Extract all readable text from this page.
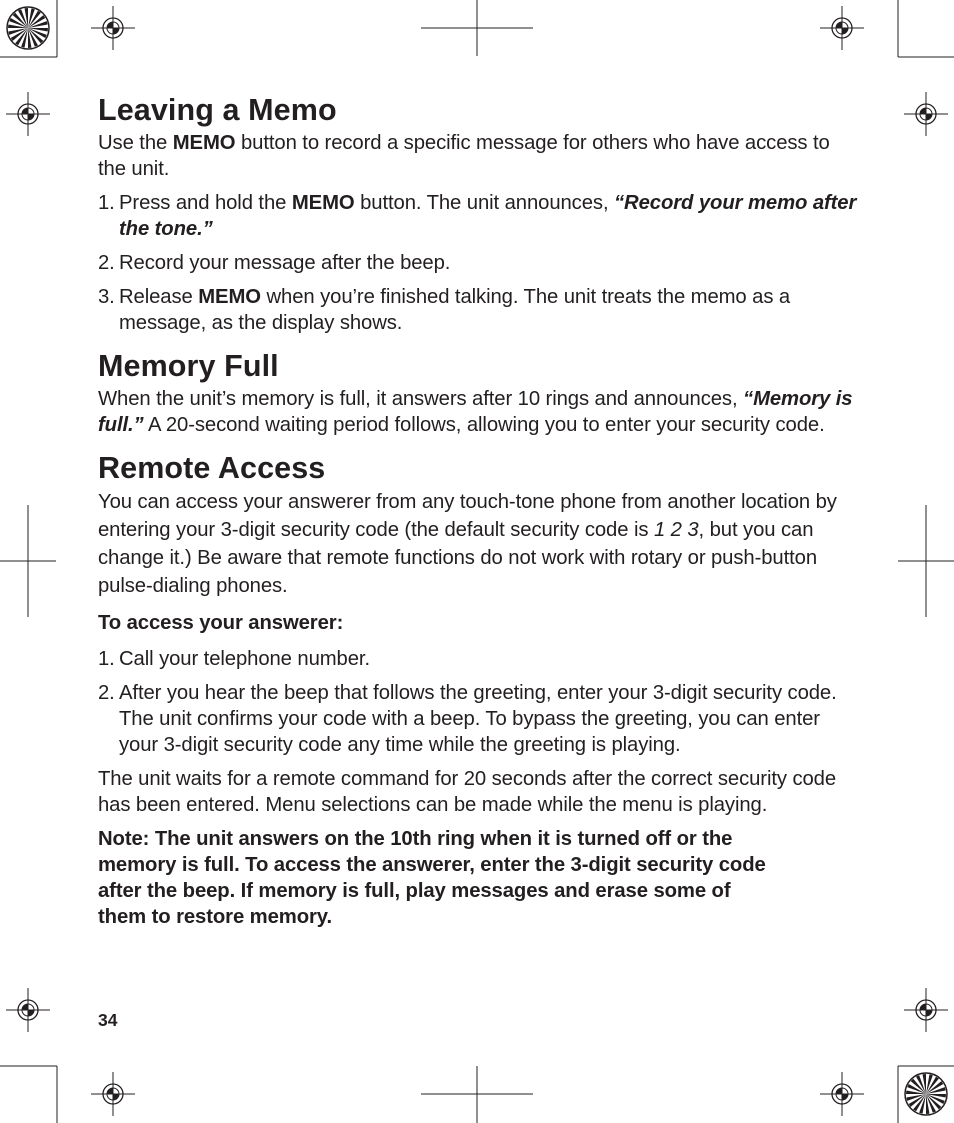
Leaving a Memo

Use the MEMO button to record a specific message for others who have access to the unit.

1. Press and hold the MEMO button. The unit announces, “Record your memo after the tone.”
2. Record your message after the beep.
3. Release MEMO when you’re finished talking. The unit treats the memo as a message, as the display shows.
Memory Full

When the unit’s memory is full, it answers after 10 rings and announces, “Memory is full.” A 20-second waiting period follows, allowing you to enter your security code.

Remote Access

You can access your answerer from any touch-tone phone from another location by entering your 3-digit security code (the default security code is 1 2 3, but you can change it.) Be aware that remote functions do not work with rotary or push-button pulse-dialing phones.

To access your answerer:

1. Call your telephone number.
2. After you hear the beep that follows the greeting, enter your 3-digit security code. The unit confirms your code with a beep. To bypass the greeting, you can enter your 3-digit security code any time while the greeting is playing.

The unit waits for a remote command for 20 seconds after the correct security code has been entered. Menu selections can be made while the menu is playing.

Note: The unit answers on the 10th ring when it is turned off or the memory is full. To access the answerer, enter the 3-digit security code after the beep. If memory is full, play messages and erase some of them to restore memory.

34
